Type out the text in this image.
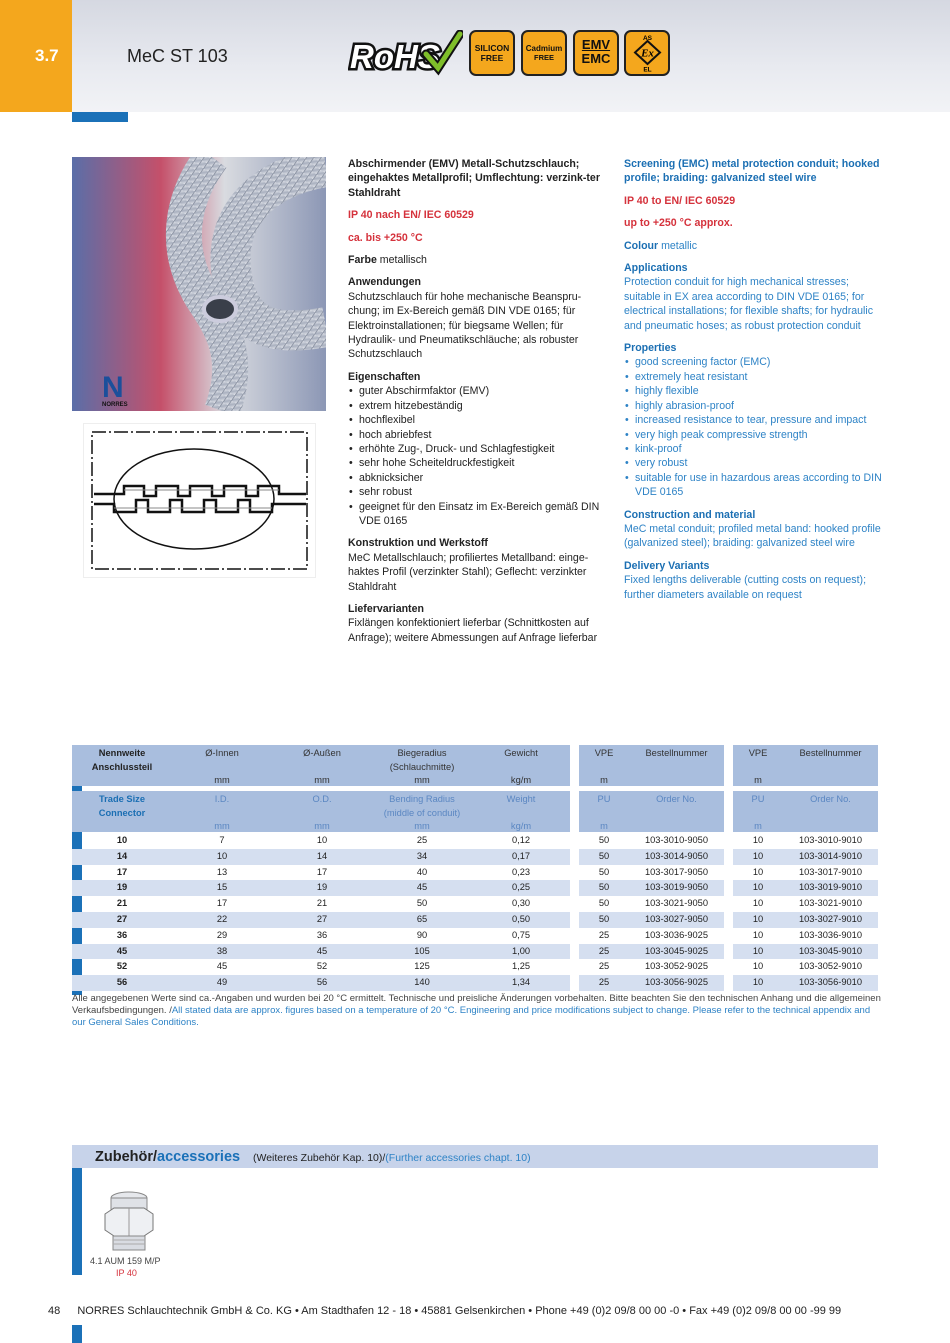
3.7	MeC ST 103	RoHS	SILICON
FREE
Cadmium
FREE
EMV
EMC
AS
Ex
EL
N
NORRES

Abschirmender (EMV) Metall-Schutzschlauch; eingehaktes Metallprofil; Umflechtung: verzink-ter Stahldraht

IP 40 nach EN/ IEC 60529

ca. bis +250 °C

Farbe metallisch

Anwendungen

Schutzschlauch für hohe mechanische Beanspru-chung; im Ex-Bereich gemäß DIN VDE 0165; für Elektroinstallationen; für biegsame Wellen; für Hydraulik- und Pneumatikschläuche; als robuster Schutzschlauch

Eigenschaften

• guter Abschirmfaktor (EMV)
• extrem hitzebeständig
• hochflexibel
• hoch abriebfest
• erhöhte Zug-, Druck- und Schlagfestigkeit
• sehr hohe Scheiteldruckfestigkeit
• abknicksicher
• sehr robust
• geeignet für den Einsatz im Ex-Bereich gemäß DIN VDE 0165

Konstruktion und Werkstoff

MeC Metallschlauch; profiliertes Metallband: einge-haktes Profil (verzinkter Stahl); Geflecht: verzinkter Stahldraht

Liefervarianten

Fixlängen konfektioniert lieferbar (Schnittkosten auf Anfrage); weitere Abmessungen auf Anfrage lieferbar

Screening (EMC) metal protection conduit; hooked profile; braiding: galvanized steel wire

IP 40 to EN/ IEC 60529

up to +250 °C approx.

Colour metallic

Applications

Protection conduit for high mechanical stresses; suitable in EX area according to DIN VDE 0165; for electrical installations; for flexible shafts; for hydraulic and pneumatic hoses; as robust protection conduit

Properties

• good screening factor (EMC)
• extremely heat resistant
• highly flexible
• highly abrasion-proof
• increased resistance to tear, pressure and impact
• very high peak compressive strength
• kink-proof
• very robust
• suitable for use in hazardous areas according to DIN VDE 0165

Construction and material

MeC metal conduit; profiled metal band: hooked profile (galvanized steel); braiding: galvanized steel wire

Delivery Variants

Fixed lengths deliverable (cutting costs on request); further diameters available on request

Nennweite
Anschlussteil
Ø-Innen	Ø-Außen	Biegeradius
(Schlauchmitte)
Gewicht	VPE	Bestellnummer	VPE	Bestellnummer
mm	mm	mm	kg/m	m	m
Trade Size
Connector
I.D.	O.D.	Bending Radius
(middle of conduit)
Weight	PU	Order No.	PU	Order No.
mm	mm	mm	kg/m	m	m
10	7	10	25	0,12	50	103-3010-9050	10	103-3010-9010
14	10	14	34	0,17	50	103-3014-9050	10	103-3014-9010
17	13	17	40	0,23	50	103-3017-9050	10	103-3017-9010
19	15	19	45	0,25	50	103-3019-9050	10	103-3019-9010
21	17	21	50	0,30	50	103-3021-9050	10	103-3021-9010
27	22	27	65	0,50	50	103-3027-9050	10	103-3027-9010
36	29	36	90	0,75	25	103-3036-9025	10	103-3036-9010
45	38	45	105	1,00	25	103-3045-9025	10	103-3045-9010
52	45	52	125	1,25	25	103-3052-9025	10	103-3052-9010
56	49	56	140	1,34	25	103-3056-9025	10	103-3056-9010
Alle angegebenen Werte sind ca.-Angaben und wurden bei 20 °C ermittelt. Technische und preisliche Änderungen vorbehalten. Bitte beachten Sie den technischen Anhang und die allgemeinen Verkaufsbedingungen. /All stated data are approx. figures based on a temperature of 20 °C. Engineering and price modifications subject to change. Please refer to the technical appendix and our General Sales Conditions.
Zubehör/accessories (Weiteres Zubehör Kap. 10)/(Further accessories chapt. 10)
4.1 AUM 159 M/P
IP 40
48 NORRES Schlauchtechnik GmbH & Co. KG • Am Stadthafen 12 - 18 • 45881 Gelsenkirchen • Phone +49 (0)2 09/8 00 00 -0 • Fax +49 (0)2 09/8 00 00 -99 99
